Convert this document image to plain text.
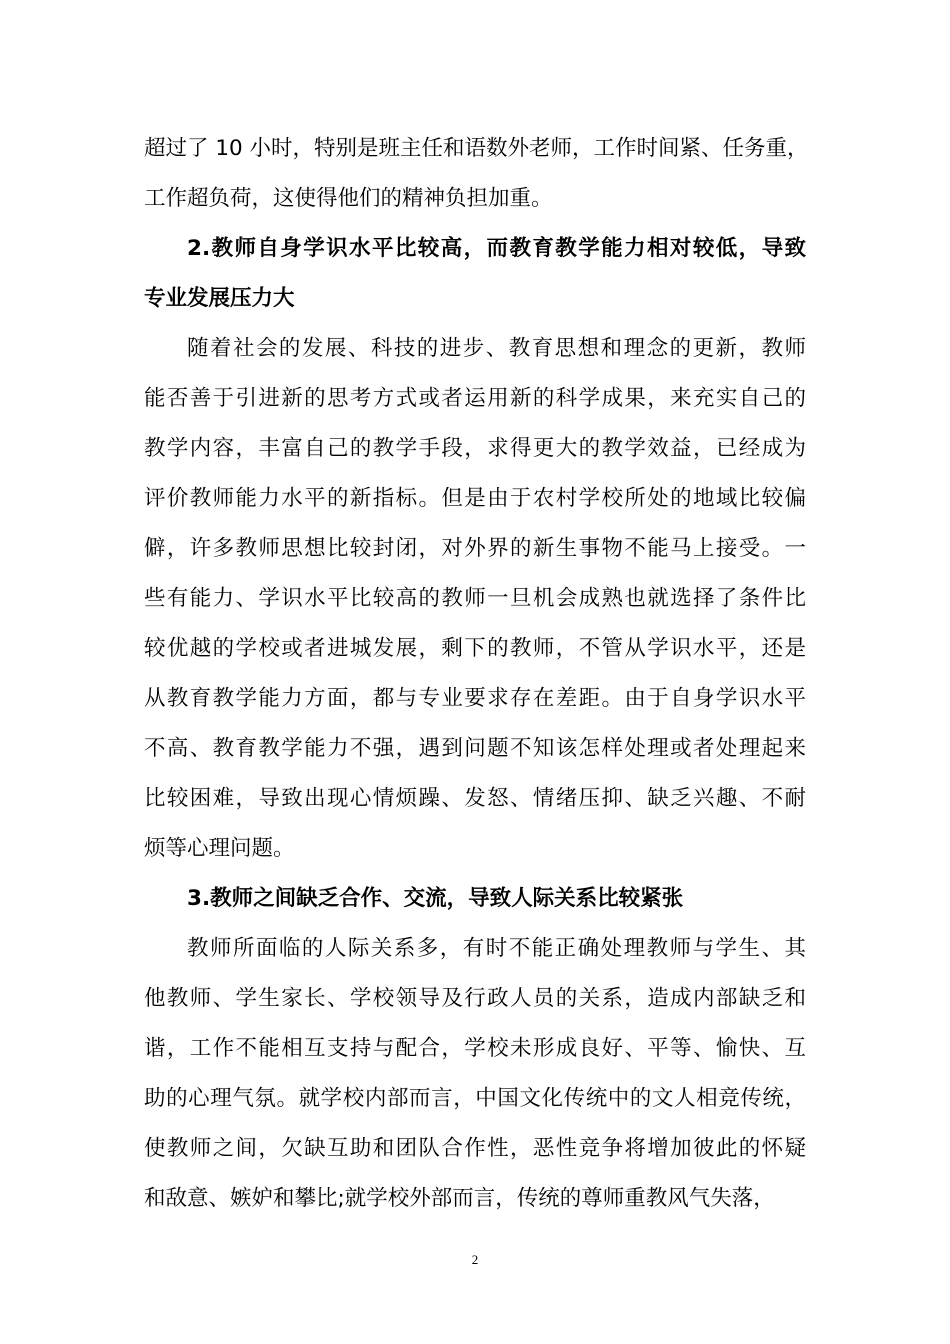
超过了 10 小时，特别是班主任和语数外老师，工作时间紧、任务重，
工作超负荷，这使得他们的精神负担加重。
2.教师自身学识水平比较高，而教育教学能力相对较低，导致
专业发展压力大
随着社会的发展、科技的进步、教育思想和理念的更新，教师
能否善于引进新的思考方式或者运用新的科学成果，来充实自己的
教学内容，丰富自己的教学手段，求得更大的教学效益，已经成为
评价教师能力水平的新指标。但是由于农村学校所处的地域比较偏
僻，许多教师思想比较封闭，对外界的新生事物不能马上接受。一
些有能力、学识水平比较高的教师一旦机会成熟也就选择了条件比
较优越的学校或者进城发展，剩下的教师，不管从学识水平，还是
从教育教学能力方面，都与专业要求存在差距。由于自身学识水平
不高、教育教学能力不强，遇到问题不知该怎样处理或者处理起来
比较困难，导致出现心情烦躁、发怒、情绪压抑、缺乏兴趣、不耐
烦等心理问题。
3.教师之间缺乏合作、交流，导致人际关系比较紧张
教师所面临的人际关系多，有时不能正确处理教师与学生、其
他教师、学生家长、学校领导及行政人员的关系，造成内部缺乏和
谐，工作不能相互支持与配合，学校未形成良好、平等、愉快、互
助的心理气氛。就学校内部而言，中国文化传统中的文人相竞传统，
使教师之间，欠缺互助和团队合作性，恶性竞争将增加彼此的怀疑
和敌意、嫉妒和攀比;就学校外部而言，传统的尊师重教风气失落，
2
